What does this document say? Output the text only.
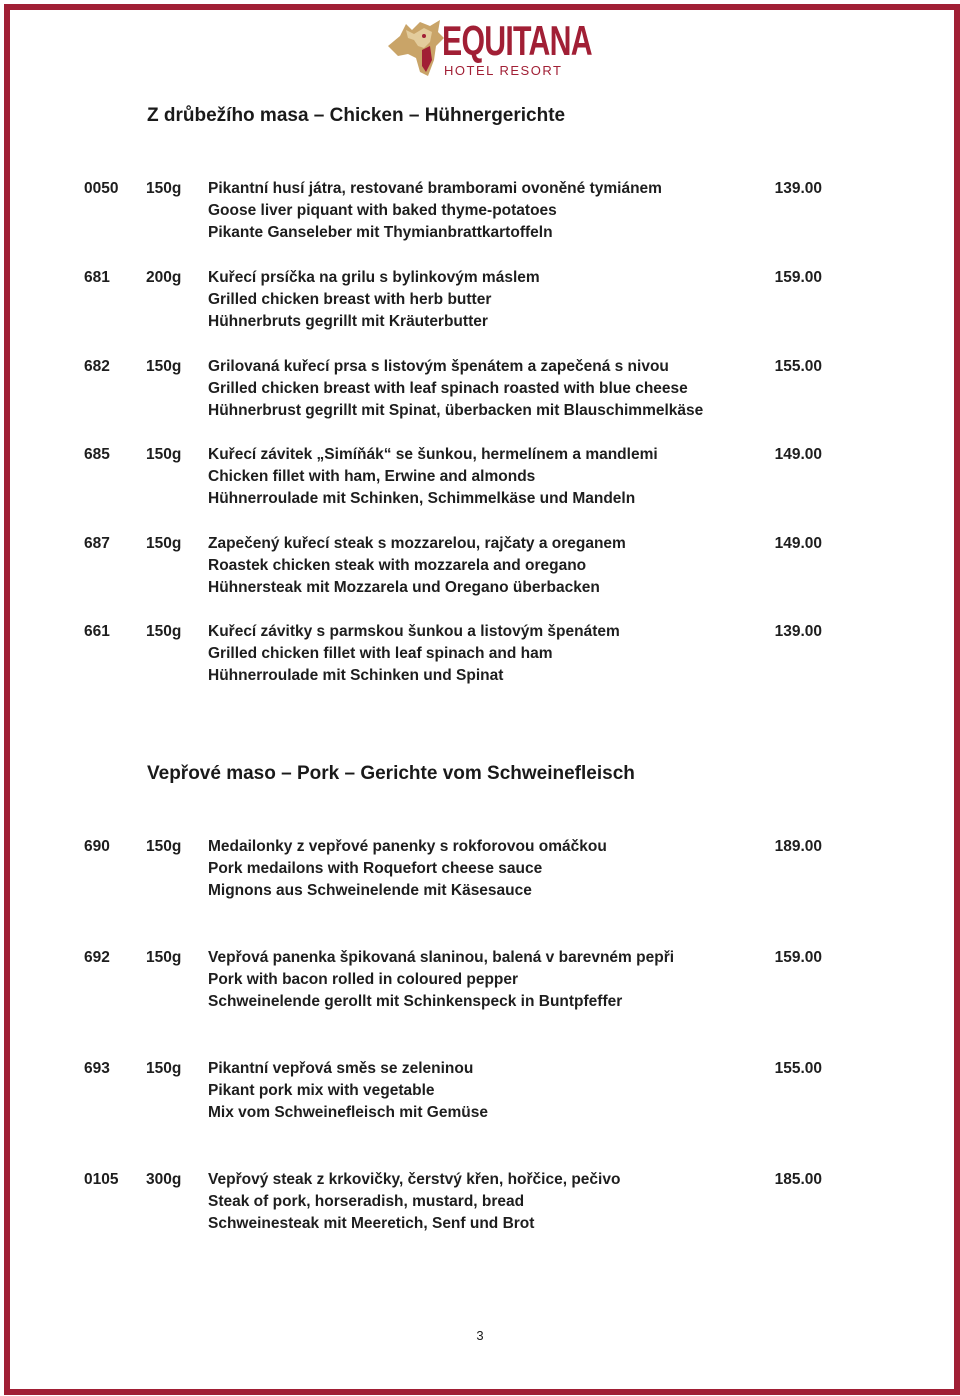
EQUITANA
HOTEL RESORT
Z drůbežího masa – Chicken – Hühnergerichte
0050 150g Pikantní husí játra, restované bramborami ovoněné tymiánem	139.00
Goose liver piquant with baked thyme-potatoes
Pikante Ganseleber mit Thymianbrattkartoffeln
681 200g Kuřecí prsíčka na grilu s bylinkovým máslem	159.00
Grilled chicken breast with herb butter
Hühnerbruts gegrillt mit Kräuterbutter
682 150g Grilovaná kuřecí prsa s listovým špenátem a zapečená s nivou	155.00
Grilled chicken breast with leaf spinach roasted with blue cheese
Hühnerbrust gegrillt mit Spinat, überbacken mit Blauschimmelkäse
685 150g Kuřecí závitek „Simíňák“ se šunkou, hermelínem a mandlemi	149.00
Chicken fillet with ham, Erwine and almonds
Hühnerroulade mit Schinken, Schimmelkäse und Mandeln
687 150g Zapečený kuřecí steak s mozzarelou, rajčaty a oreganem	149.00
Roastek chicken steak with mozzarela and oregano
Hühnersteak mit Mozzarela und Oregano überbacken
661 150g Kuřecí závitky s parmskou šunkou a listovým špenátem	139.00
Grilled chicken fillet with leaf spinach and ham
Hühnerroulade mit Schinken und Spinat
Vepřové maso – Pork – Gerichte vom Schweinefleisch
690 150g Medailonky z vepřové panenky s rokforovou omáčkou	189.00
Pork medailons with Roquefort cheese sauce
Mignons aus Schweinelende mit Käsesauce
692 150g Vepřová panenka špikovaná slaninou, balená v barevném pepři	159.00
Pork with bacon rolled in coloured pepper
Schweinelende gerollt mit Schinkenspeck in Buntpfeffer
693 150g Pikantní vepřová směs se zeleninou	155.00
Pikant pork mix with vegetable
Mix vom Schweinefleisch mit Gemüse
0105 300g Vepřový steak z krkovičky, čerstvý křen, hořčice, pečivo	185.00
Steak of pork, horseradish, mustard, bread
Schweinesteak mit Meeretich, Senf und Brot
3
